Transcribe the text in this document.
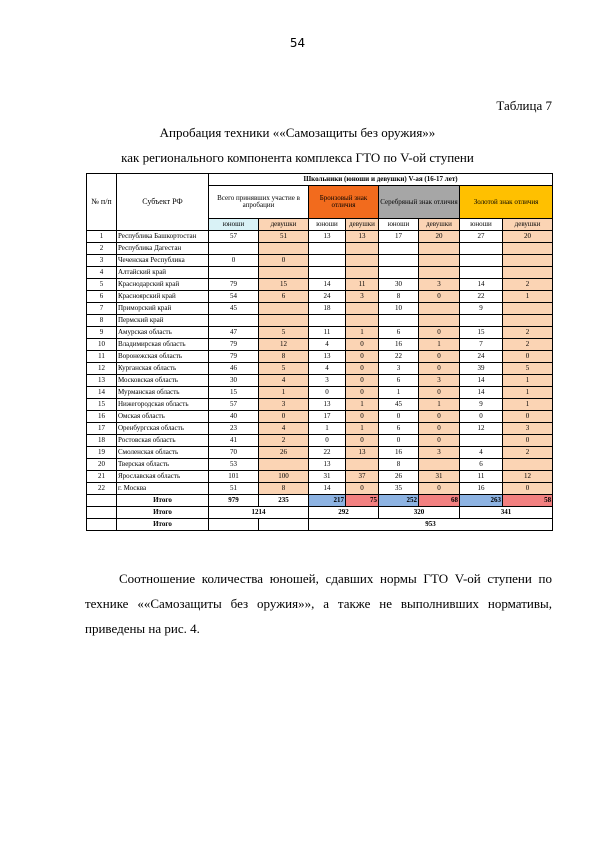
54
Таблица 7
Апробация техники ««Самозащиты без оружия»»
как регионального компонента комплекса ГТО по V-ой ступени
№ п/п	Субъект РФ	Школьники (юноши и девушки) V-ая (16-17 лет)							
		Всего принявших участие в апробации		Бронзовый знак отличия		Серебряный знак отличия		Золотой знак отличия	
		юноши	девушки	юноши	девушки	юноши	девушки	юноши	девушки
1	Республика Башкортостан	57	51	13	13	17	20	27	20
2	Республика Дагестан								
3	Чеченская Республика	0	0						
4	Алтайский край								
5	Краснодарский край	79	15	14	11	30	3	14	2
6	Красноярский край	54	6	24	3	8	0	22	1
7	Приморский край	45		18		10		9	
8	Пермский край								
9	Амурская область	47	5	11	1	6	0	15	2
10	Владимирская область	79	12	4	0	16	1	7	2
11	Воронежская область	79	8	13	0	22	0	24	0
12	Курганская область	46	5	4	0	3	0	39	5
13	Московская область	30	4	3	0	6	3	14	1
14	Мурманская область	15	1	0	0	1	0	14	1
15	Нижегородская область	57	3	13	1	45	1	9	1
16	Омская область	40	0	17	0	0	0	0	0
17	Оренбургская область	23	4	1	1	6	0	12	3
18	Ростовская область	41	2	0	0	0	0		0
19	Смоленская область	70	26	22	13	16	3	4	2
20	Тверская область	53		13		8		6	
21	Ярославская область	101	100	31	37	26	31	11	12
22	г. Москва	51	8	14	0	35	0	16	0
	Итого	979	235	217	75	252	68	263	58
	Итого	1214		292		320		341	
	Итого			953					
Соотношение количества юношей, сдавших нормы ГТО V-ой ступени по технике ««Самозащиты без оружия»», а также не выполнивших нормативы, приведены на рис. 4.
